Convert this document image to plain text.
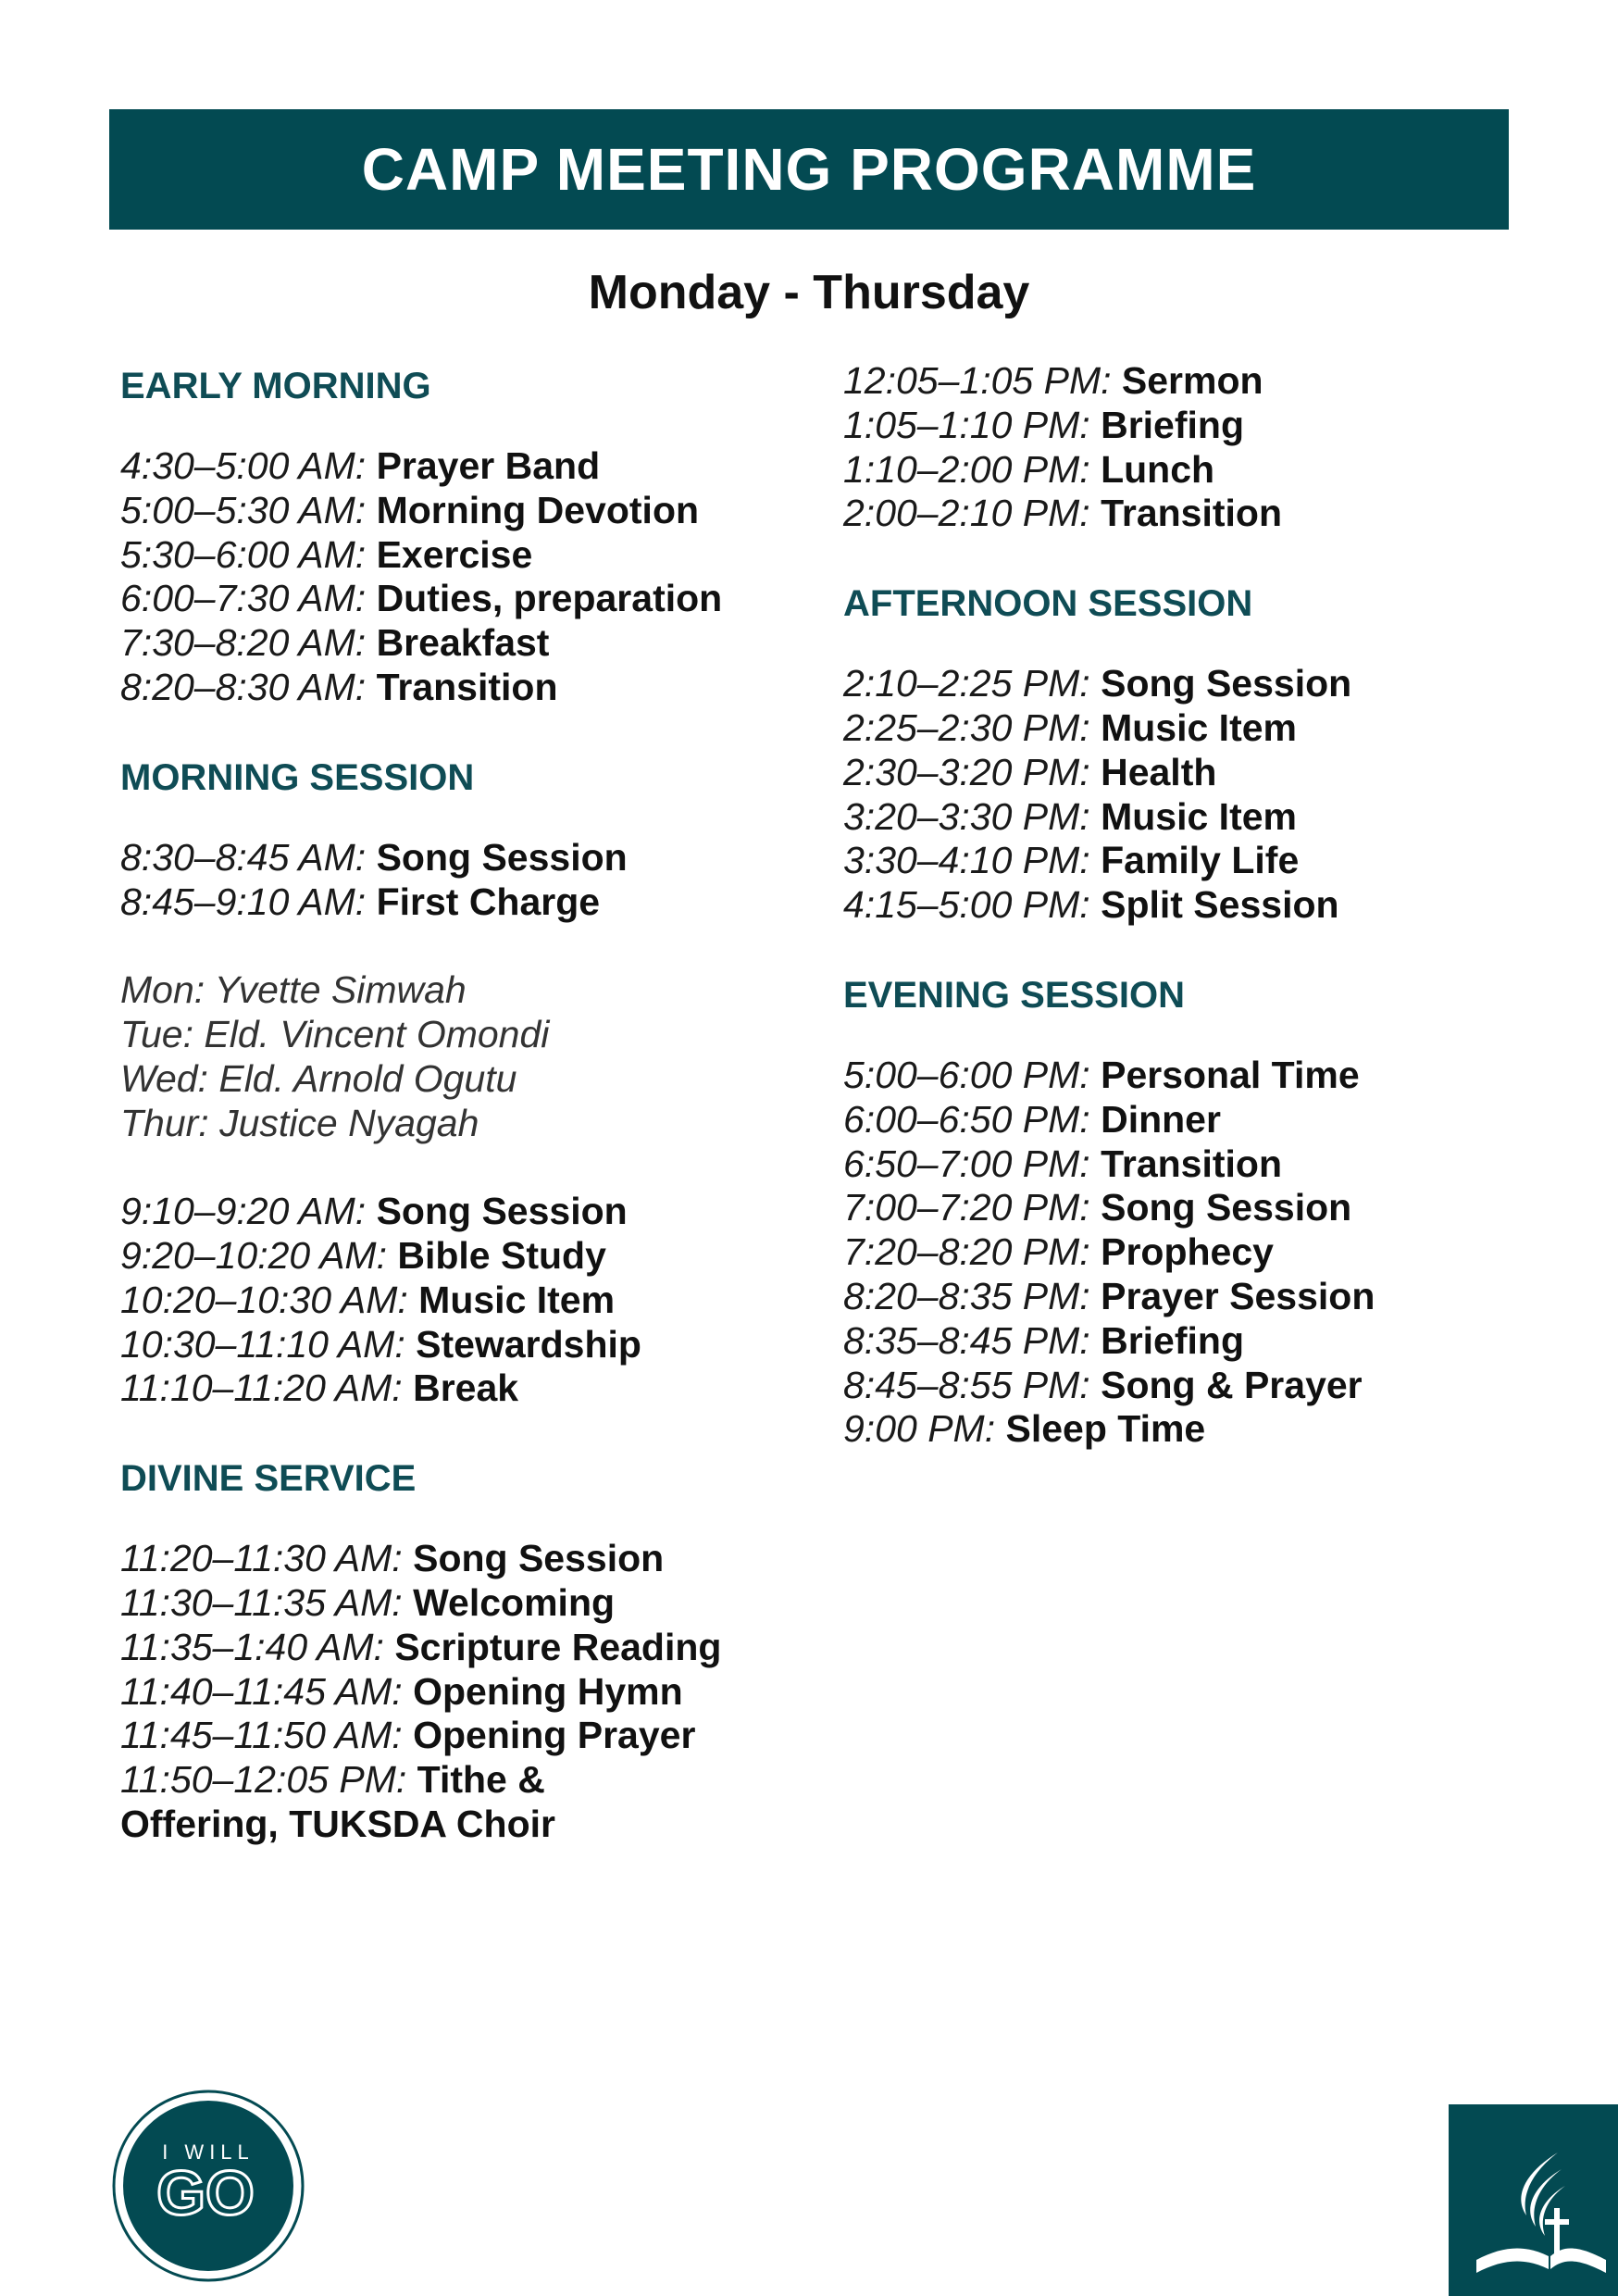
CAMP MEETING PROGRAMME
Monday - Thursday
EARLY MORNING
4:30–5:00 AM: Prayer Band
5:00–5:30 AM: Morning Devotion
5:30–6:00 AM: Exercise
6:00–7:30 AM: Duties, preparation
7:30–8:20 AM: Breakfast
8:20–8:30 AM: Transition
MORNING SESSION
8:30–8:45 AM: Song Session
8:45–9:10 AM: First Charge
Mon: Yvette Simwah
Tue: Eld. Vincent Omondi
Wed: Eld. Arnold Ogutu
Thur: Justice Nyagah
9:10–9:20 AM: Song Session
9:20–10:20 AM: Bible Study
10:20–10:30 AM: Music Item
10:30–11:10 AM: Stewardship
11:10–11:20 AM: Break
DIVINE SERVICE
11:20–11:30 AM: Song Session
11:30–11:35 AM: Welcoming
11:35–1:40 AM: Scripture Reading
11:40–11:45 AM: Opening Hymn
11:45–11:50 AM: Opening Prayer
11:50–12:05 PM: Tithe & Offering, TUKSDA Choir
12:05–1:05 PM: Sermon
1:05–1:10 PM: Briefing
1:10–2:00 PM: Lunch
2:00–2:10 PM: Transition
AFTERNOON SESSION
2:10–2:25 PM: Song Session
2:25–2:30 PM: Music Item
2:30–3:20 PM: Health
3:20–3:30 PM: Music Item
3:30–4:10 PM: Family Life
4:15–5:00 PM: Split Session
EVENING SESSION
5:00–6:00 PM: Personal Time
6:00–6:50 PM: Dinner
6:50–7:00 PM: Transition
7:00–7:20 PM: Song Session
7:20–8:20 PM: Prophecy
8:20–8:35 PM: Prayer Session
8:35–8:45 PM: Briefing
8:45–8:55 PM: Song & Prayer
9:00 PM: Sleep Time
I WILL
GO
